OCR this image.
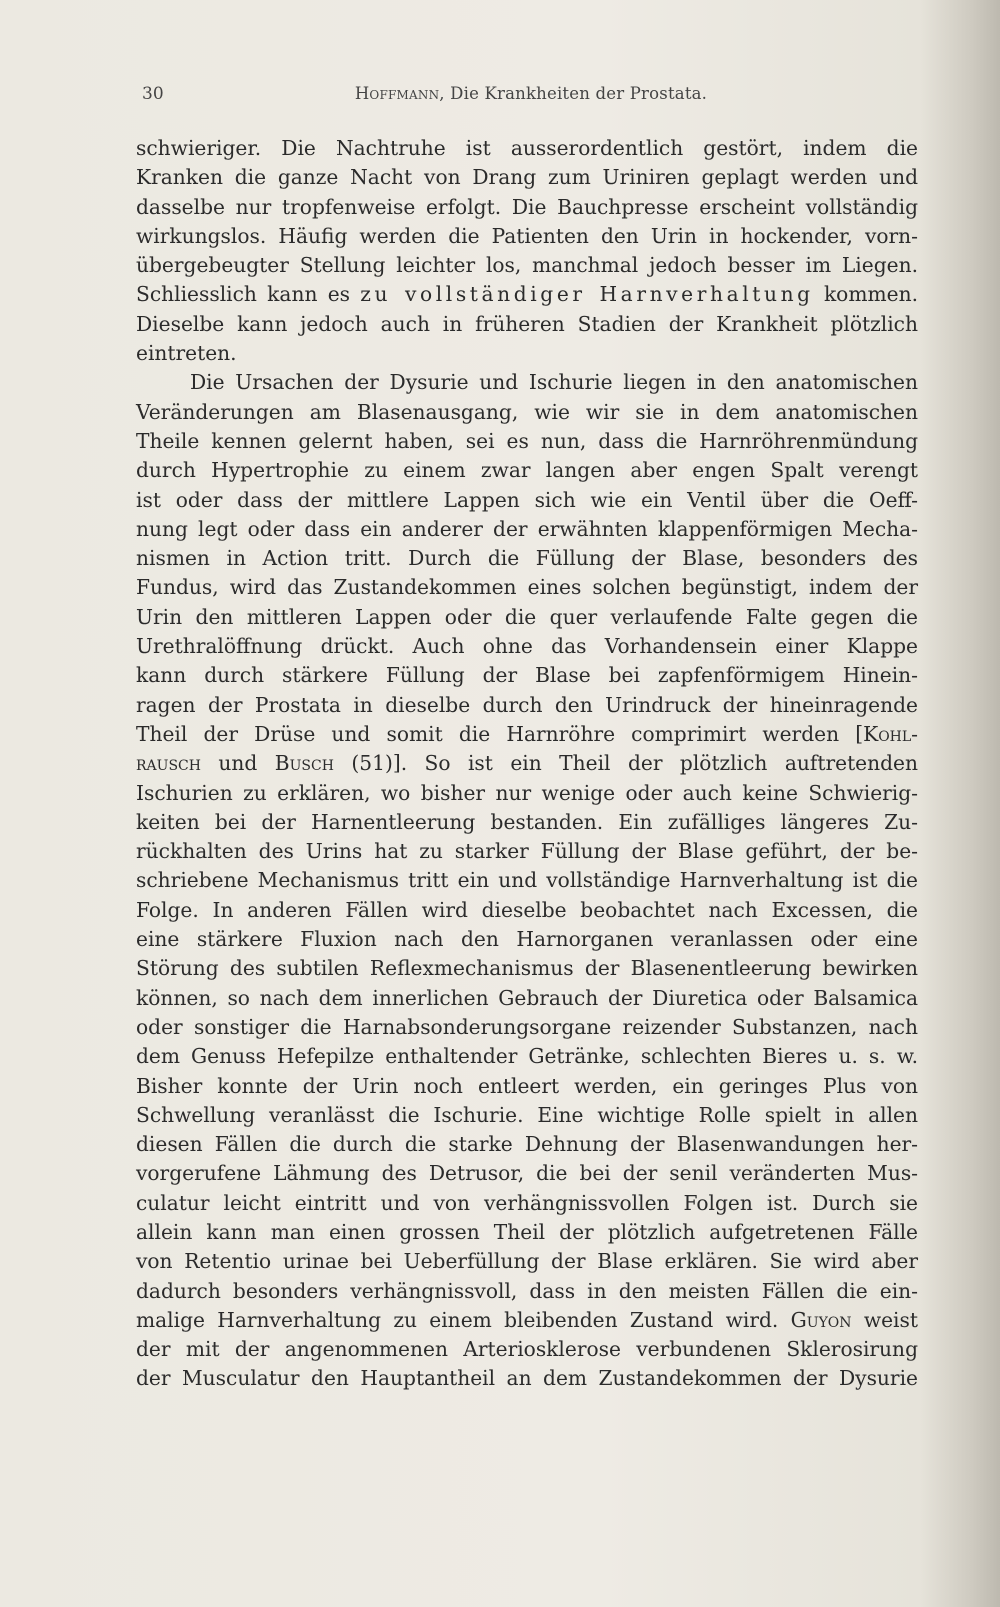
30	Hoffmann, Die Krankheiten der Prostata.
schwieriger. Die Nachtruhe ist ausserordentlich gestört, indem die
Kranken die ganze Nacht von Drang zum Uriniren geplagt werden und
dasselbe nur tropfenweise erfolgt. Die Bauchpresse erscheint vollständig
wirkungslos. Häufig werden die Patienten den Urin in hockender, vorn-
übergebeugter Stellung leichter los, manchmal jedoch besser im Liegen.
Schliesslich kann es zu vollständiger Harnverhaltung kommen.
Dieselbe kann jedoch auch in früheren Stadien der Krankheit plötzlich
eintreten.
Die Ursachen der Dysurie und Ischurie liegen in den anatomischen
Veränderungen am Blasenausgang, wie wir sie in dem anatomischen
Theile kennen gelernt haben, sei es nun, dass die Harnröhrenmündung
durch Hypertrophie zu einem zwar langen aber engen Spalt verengt
ist oder dass der mittlere Lappen sich wie ein Ventil über die Oeff-
nung legt oder dass ein anderer der erwähnten klappenförmigen Mecha-
nismen in Action tritt. Durch die Füllung der Blase, besonders des
Fundus, wird das Zustandekommen eines solchen begünstigt, indem der
Urin den mittleren Lappen oder die quer verlaufende Falte gegen die
Urethralöffnung drückt. Auch ohne das Vorhandensein einer Klappe
kann durch stärkere Füllung der Blase bei zapfenförmigem Hinein-
ragen der Prostata in dieselbe durch den Urindruck der hineinragende
Theil der Drüse und somit die Harnröhre comprimirt werden [Kohl-
rausch und Busch (51)]. So ist ein Theil der plötzlich auftretenden
Ischurien zu erklären, wo bisher nur wenige oder auch keine Schwierig-
keiten bei der Harnentleerung bestanden. Ein zufälliges längeres Zu-
rückhalten des Urins hat zu starker Füllung der Blase geführt, der be-
schriebene Mechanismus tritt ein und vollständige Harnverhaltung ist die
Folge. In anderen Fällen wird dieselbe beobachtet nach Excessen, die
eine stärkere Fluxion nach den Harnorganen veranlassen oder eine
Störung des subtilen Reflexmechanismus der Blasenentleerung bewirken
können, so nach dem innerlichen Gebrauch der Diuretica oder Balsamica
oder sonstiger die Harnabsonderungsorgane reizender Substanzen, nach
dem Genuss Hefepilze enthaltender Getränke, schlechten Bieres u. s. w.
Bisher konnte der Urin noch entleert werden, ein geringes Plus von
Schwellung veranlässt die Ischurie. Eine wichtige Rolle spielt in allen
diesen Fällen die durch die starke Dehnung der Blasenwandungen her-
vorgerufene Lähmung des Detrusor, die bei der senil veränderten Mus-
culatur leicht eintritt und von verhängnissvollen Folgen ist. Durch sie
allein kann man einen grossen Theil der plötzlich aufgetretenen Fälle
von Retentio urinae bei Ueberfüllung der Blase erklären. Sie wird aber
dadurch besonders verhängnissvoll, dass in den meisten Fällen die ein-
malige Harnverhaltung zu einem bleibenden Zustand wird. Guyon weist
der mit der angenommenen Arteriosklerose verbundenen Sklerosirung
der Musculatur den Hauptantheil an dem Zustandekommen der Dysurie
